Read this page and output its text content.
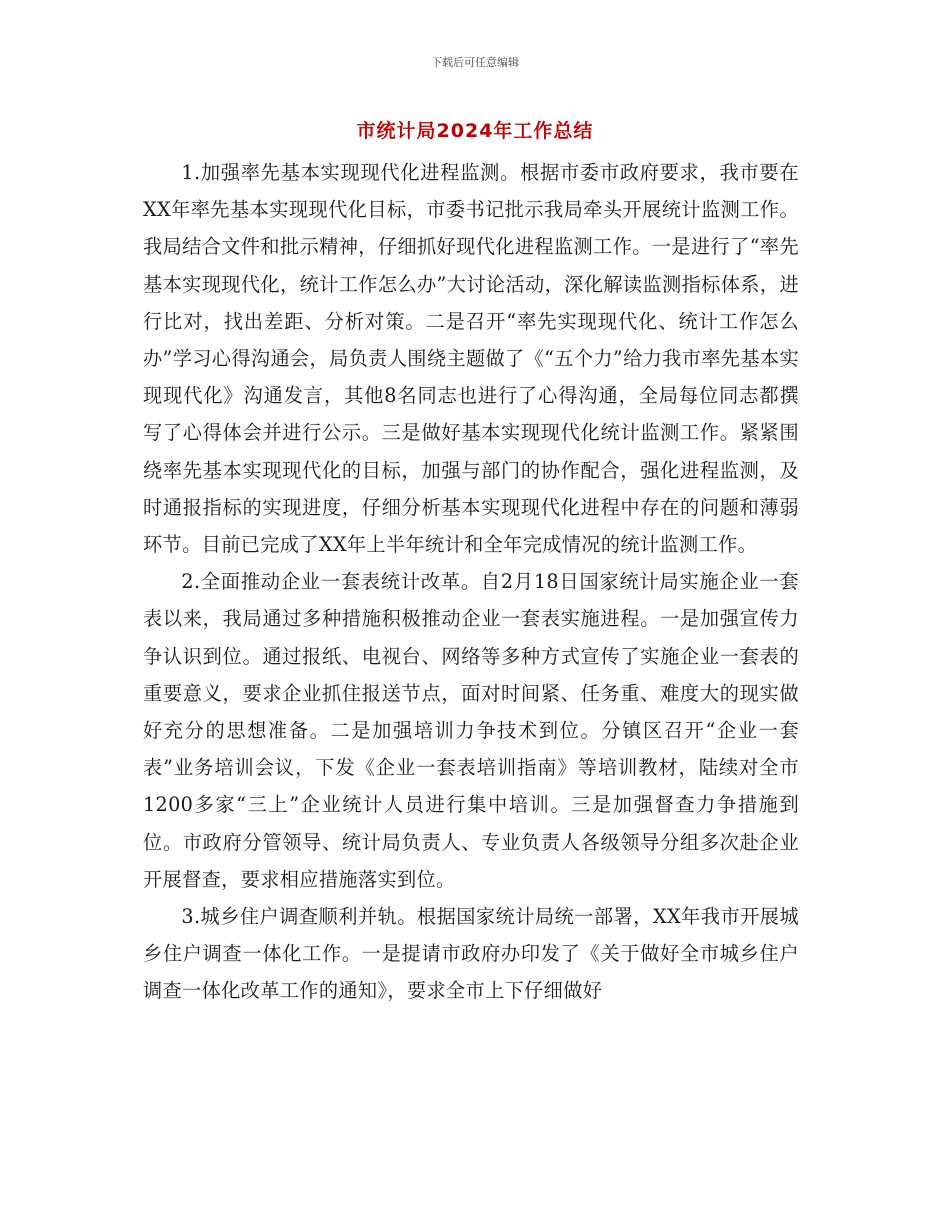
下载后可任意编辑
市统计局2024年工作总结

1.加强率先基本实现现代化进程监测。根据市委市政府要求，我市要在XX年率先基本实现现代化目标，市委书记批示我局牵头开展统计监测工作。我局结合文件和批示精神，仔细抓好现代化进程监测工作。一是进行了“率先基本实现现代化，统计工作怎么办”大讨论活动，深化解读监测指标体系，进行比对，找出差距、分析对策。二是召开“率先实现现代化、统计工作怎么办”学习心得沟通会，局负责人围绕主题做了《“五个力”给力我市率先基本实现现代化》沟通发言，其他8名同志也进行了心得沟通，全局每位同志都撰写了心得体会并进行公示。三是做好基本实现现代化统计监测工作。紧紧围绕率先基本实现现代化的目标，加强与部门的协作配合，强化进程监测，及时通报指标的实现进度，仔细分析基本实现现代化进程中存在的问题和薄弱环节。目前已完成了XX年上半年统计和全年完成情况的统计监测工作。

2.全面推动企业一套表统计改革。自2月18日国家统计局实施企业一套表以来，我局通过多种措施积极推动企业一套表实施进程。一是加强宣传力争认识到位。通过报纸、电视台、网络等多种方式宣传了实施企业一套表的重要意义，要求企业抓住报送节点，面对时间紧、任务重、难度大的现实做好充分的思想准备。二是加强培训力争技术到位。分镇区召开“企业一套表”业务培训会议，下发《企业一套表培训指南》等培训教材，陆续对全市1200多家“三上”企业统计人员进行集中培训。三是加强督查力争措施到位。市政府分管领导、统计局负责人、专业负责人各级领导分组多次赴企业开展督查，要求相应措施落实到位。

3.城乡住户调查顺利并轨。根据国家统计局统一部署，XX年我市开展城乡住户调查一体化工作。一是提请市政府办印发了《关于做好全市城乡住户调查一体化改革工作的通知》，要求全市上下仔细做好
